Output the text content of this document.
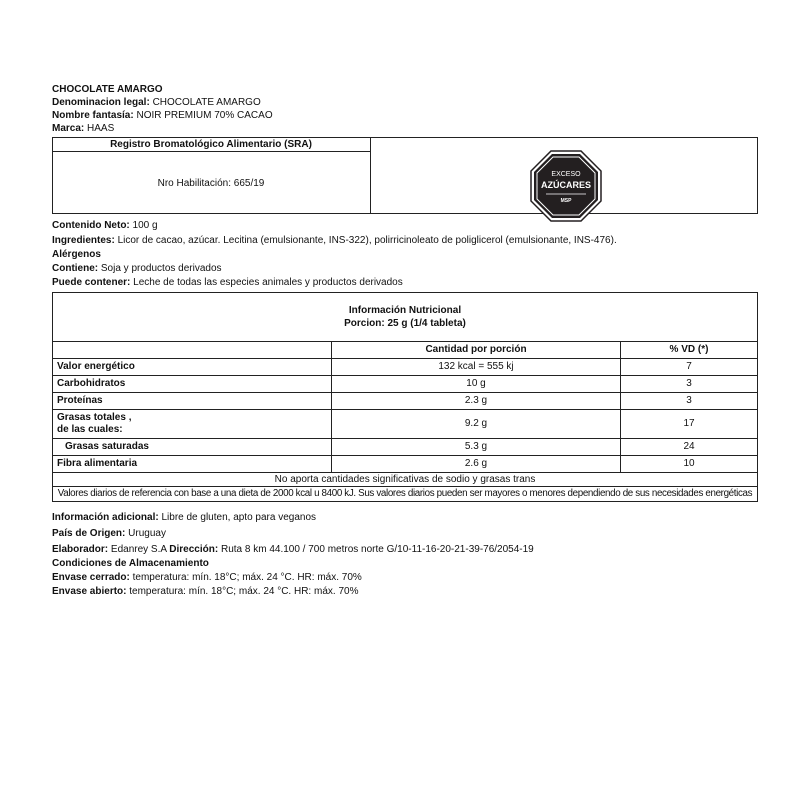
CHOCOLATE AMARGO
Denominacion legal: CHOCOLATE AMARGO
Nombre fantasía: NOIR PREMIUM 70% CACAO
Marca: HAAS
Registro Bromatológico Alimentario (SRA)
Nro Habilitación: 665/19
EXCESO
AZÚCARES
MSP
Contenido Neto: 100 g
Ingredientes: Licor de cacao, azúcar. Lecitina (emulsionante, INS-322), polirricinoleato de poliglicerol (emulsionante, INS-476).
Alérgenos
Contiene: Soja y productos derivados
Puede contener: Leche de todas las especies animales y productos derivados
Información Nutricional
Porcion: 25 g (1/4 tableta)		

	Cantidad por porción	% VD (*)
Valor energético	132 kcal = 555 kj	7
Carbohidratos	10 g	3
Proteínas	2.3 g	3

Grasas totales ,
de las cuales:	9.2 g	17
Grasas saturadas	5.3 g	24
Fibra alimentaria	2.6 g	10
No aporta cantidades significativas de sodio y grasas trans		
Valores diarios de referencia con base a una dieta de 2000 kcal u 8400 kJ. Sus valores diarios pueden ser mayores o menores dependiendo de sus necesidades energéticas		
Información adicional: Libre de gluten, apto para veganos
País de Origen: Uruguay
Elaborador: Edanrey S.A Dirección: Ruta 8 km 44.100 / 700 metros norte G/10-11-16-20-21-39-76/2054-19
Condiciones de Almacenamiento
Envase cerrado: temperatura: mín. 18°C; máx. 24 °C. HR: máx. 70%
Envase abierto: temperatura: mín. 18°C; máx. 24 °C. HR: máx. 70%
